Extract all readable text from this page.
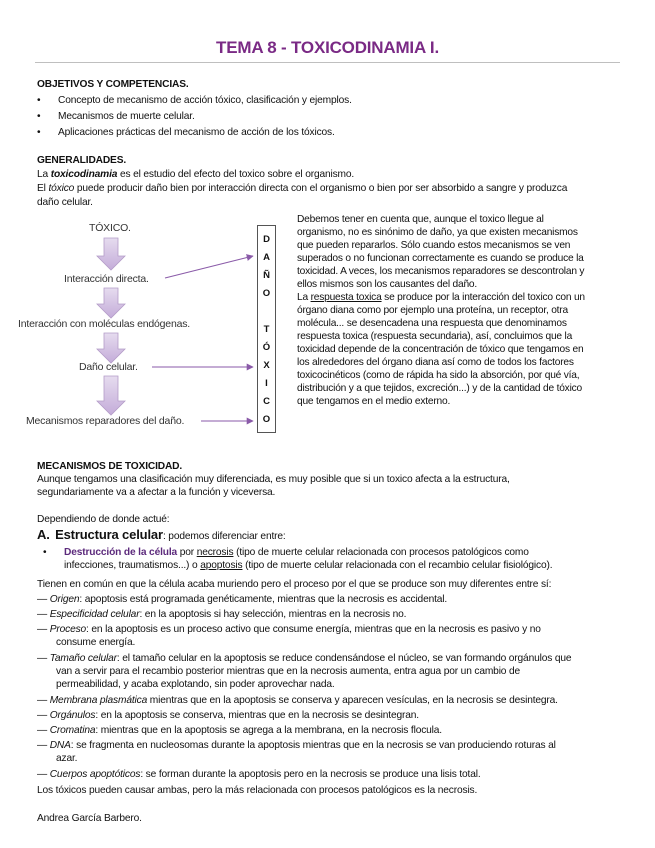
TEMA 8 - TOXICODINAMIA I.
OBJETIVOS Y COMPETENCIAS.
• Concepto de mecanismo de acción tóxico, clasificación y ejemplos.
• Mecanismos de muerte celular.
• Aplicaciones prácticas del mecanismo de acción de los tóxicos.
GENERALIDADES.
La toxicodinamia es el estudio del efecto del toxico sobre el organismo.
El tóxico puede producir daño bien por interacción directa con el organismo o bien por ser absorbido a sangre y produzca
daño celular.
TÓXICO.
Interacción directa.
Interacción con moléculas endógenas.
Daño celular.
Mecanismos reparadores del daño.
D
A
Ñ
O
T
Ó
X
I
C
O
Debemos tener en cuenta que, aunque el toxico llegue al
organismo, no es sinónimo de daño, ya que existen mecanismos
que pueden repararlos. Sólo cuando estos mecanismos se ven
superados o no funcionan correctamente es cuando se produce la
toxicidad. A veces, los mecanismos reparadores se descontrolan y
ellos mismos son los causantes del daño.
La respuesta toxica se produce por la interacción del toxico con un
órgano diana como por ejemplo una proteína, un receptor, otra
molécula... se desencadena una respuesta que denominamos
respuesta toxica (respuesta secundaria), así, concluimos que la
toxicidad depende de la concentración de tóxico que tengamos en
los alrededores del órgano diana así como de todos los factores
toxicocinéticos (como de rápida ha sido la absorción, por qué vía,
distribución y a que tejidos, excreción...) y de la cantidad de tóxico
que tengamos en el medio externo.
MECANISMOS DE TOXICIDAD.
Aunque tengamos una clasificación muy diferenciada, es muy posible que si un toxico afecta a la estructura,
segundariamente va a afectar a la función y viceversa.
Dependiendo de donde actué:
A. Estructura celular: podemos diferenciar entre:
• Destrucción de la célula por necrosis (tipo de muerte celular relacionada con procesos patológicos como
infecciones, traumatismos...) o apoptosis (tipo de muerte celular relacionada con el recambio celular fisiológico).
Tienen en común en que la célula acaba muriendo pero el proceso por el que se produce son muy diferentes entre sí:
— Origen: apoptosis está programada genéticamente, mientras que la necrosis es accidental.
— Especificidad celular: en la apoptosis si hay selección, mientras en la necrosis no.
— Proceso: en la apoptosis es un proceso activo que consume energía, mientras que en la necrosis es pasivo y no
consume energía.
— Tamaño celular: el tamaño celular en la apoptosis se reduce condensándose el núcleo, se van formando orgánulos que
van a servir para el recambio posterior mientras que en la necrosis aumenta, entra agua por un cambio de
permeabilidad, y acaba explotando, sin poder aprovechar nada.
— Membrana plasmática mientras que en la apoptosis se conserva y aparecen vesículas, en la necrosis se desintegra.
— Orgánulos: en la apoptosis se conserva, mientras que en la necrosis se desintegran.
— Cromatina: mientras que en la apoptosis se agrega a la membrana, en la necrosis flocula.
— DNA: se fragmenta en nucleosomas durante la apoptosis mientras que en la necrosis se van produciendo roturas al
azar.
— Cuerpos apoptóticos: se forman durante la apoptosis pero en la necrosis se produce una lisis total.
Los tóxicos pueden causar ambas, pero la más relacionada con procesos patológicos es la necrosis.
Andrea García Barbero.
